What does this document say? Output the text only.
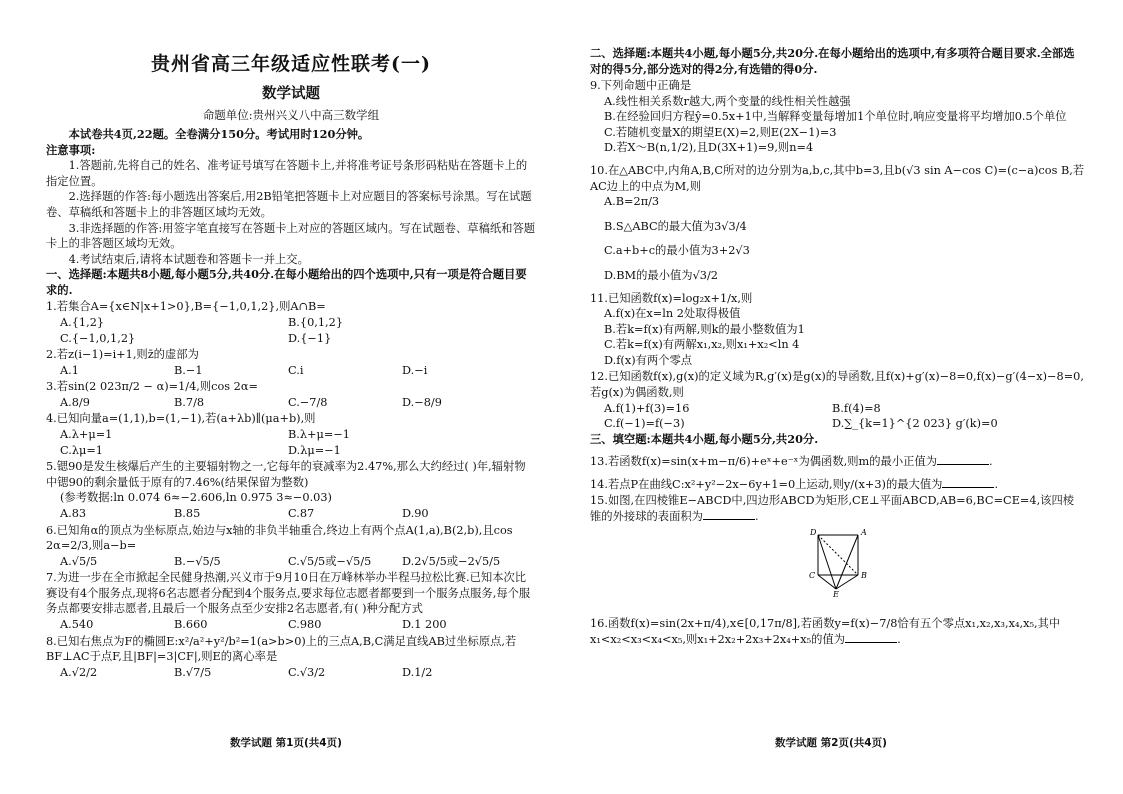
贵州省高三年级适应性联考(一)
数学试题
命题单位:贵州兴义八中高三数学组
本试卷共4页,22题。全卷满分150分。考试用时120分钟。
注意事项:
1.答题前,先将自己的姓名、准考证号填写在答题卡上,并将准考证号条形码粘贴在答题卡上的指定位置。
2.选择题的作答:每小题选出答案后,用2B铅笔把答题卡上对应题目的答案标号涂黑。写在试题卷、草稿纸和答题卡上的非答题区域均无效。
3.非选择题的作答:用签字笔直接写在答题卡上对应的答题区域内。写在试题卷、草稿纸和答题卡上的非答题区域均无效。
4.考试结束后,请将本试题卷和答题卡一并上交。
一、选择题:本题共8小题,每小题5分,共40分.在每小题给出的四个选项中,只有一项是符合题目要求的.
1.若集合A={x∈N|x+1>0},B={−1,0,1,2},则A∩B=
A.{1,2}	B.{0,1,2}
C.{−1,0,1,2}	D.{−1}
2.若z(i−1)=i+1,则z̄的虚部为
A.1	B.−1	C.i	D.−i
3.若sin(2 023π/2 − α)=1/4,则cos 2α=
A.8/9	B.7/8	C.−7/8	D.−8/9
4.已知向量a=(1,1),b=(1,−1),若(a+λb)∥(μa+b),则
A.λ+μ=1	B.λ+μ=−1
C.λμ=1	D.λμ=−1
5.锶90是发生核爆后产生的主要辐射物之一,它每年的衰减率为2.47%,那么大约经过( )年,辐射物中锶90的剩余量低于原有的7.46%(结果保留为整数)
(参考数据:ln 0.074 6≈−2.606,ln 0.975 3≈−0.03)
A.83	B.85	C.87	D.90
6.已知角α的顶点为坐标原点,始边与x轴的非负半轴重合,终边上有两个点A(1,a),B(2,b),且cos 2α=2/3,则a−b=
A.√5/5	B.−√5/5	C.√5/5或−√5/5	D.2√5/5或−2√5/5
7.为进一步在全市掀起全民健身热潮,兴义市于9月10日在万峰林举办半程马拉松比赛.已知本次比赛设有4个服务点,现将6名志愿者分配到4个服务点,要求每位志愿者都要到一个服务点服务,每个服务点都要安排志愿者,且最后一个服务点至少安排2名志愿者,有( )种分配方式
A.540	B.660	C.980	D.1 200
8.已知右焦点为F的椭圆E:x²/a²+y²/b²=1(a>b>0)上的三点A,B,C满足直线AB过坐标原点,若BF⊥AC于点F,且|BF|=3|CF|,则E的离心率是
A.√2/2	B.√7/5	C.√3/2	D.1/2
二、选择题:本题共4小题,每小题5分,共20分.在每小题给出的选项中,有多项符合题目要求.全部选对的得5分,部分选对的得2分,有选错的得0分.
9.下列命题中正确是
A.线性相关系数r越大,两个变量的线性相关性越强
B.在经验回归方程ŷ=0.5x+1中,当解释变量每增加1个单位时,响应变量将平均增加0.5个单位
C.若随机变量X的期望E(X)=2,则E(2X−1)=3
D.若X～B(n,1/2),且D(3X+1)=9,则n=4
10.在△ABC中,内角A,B,C所对的边分别为a,b,c,其中b=3,且b(√3 sin A−cos C)=(c−a)cos B,若AC边上的中点为M,则
A.B=2π/3
B.S△ABC的最大值为3√3/4
C.a+b+c的最小值为3+2√3
D.BM的最小值为√3/2
11.已知函数f(x)=log₂x+1/x,则
A.f(x)在x=ln 2处取得极值
B.若k=f(x)有两解,则k的最小整数值为1
C.若k=f(x)有两解x₁,x₂,则x₁+x₂<ln 4
D.f(x)有两个零点
12.已知函数f(x),g(x)的定义域为R,g′(x)是g(x)的导函数,且f(x)+g′(x)−8=0,f(x)−g′(4−x)−8=0,若g(x)为偶函数,则
A.f(1)+f(3)=16	B.f(4)=8
C.f(−1)=f(−3)	D.∑_{k=1}^{2 023} g′(k)=0
三、填空题:本题共4小题,每小题5分,共20分.
13.若函数f(x)=sin(x+m−π/6)+eˣ+e⁻ˣ为偶函数,则m的最小正值为	.
14.若点P在曲线C:x²+y²−2x−6y+1=0上运动,则y/(x+3)的最大值为	.
15.如图,在四棱锥E−ABCD中,四边形ABCD为矩形,CE⊥平面ABCD,AB=6,BC=CE=4,该四棱锥的外接球的表面积为	.
D	A
C	B
E
16.函数f(x)=sin(2x+π/4),x∈[0,17π/8],若函数y=f(x)−7/8恰有五个零点x₁,x₂,x₃,x₄,x₅,其中x₁<x₂<x₃<x₄<x₅,则x₁+2x₂+2x₃+2x₄+x₅的值为	.
数学试题 第1页(共4页)	数学试题 第2页(共4页)
